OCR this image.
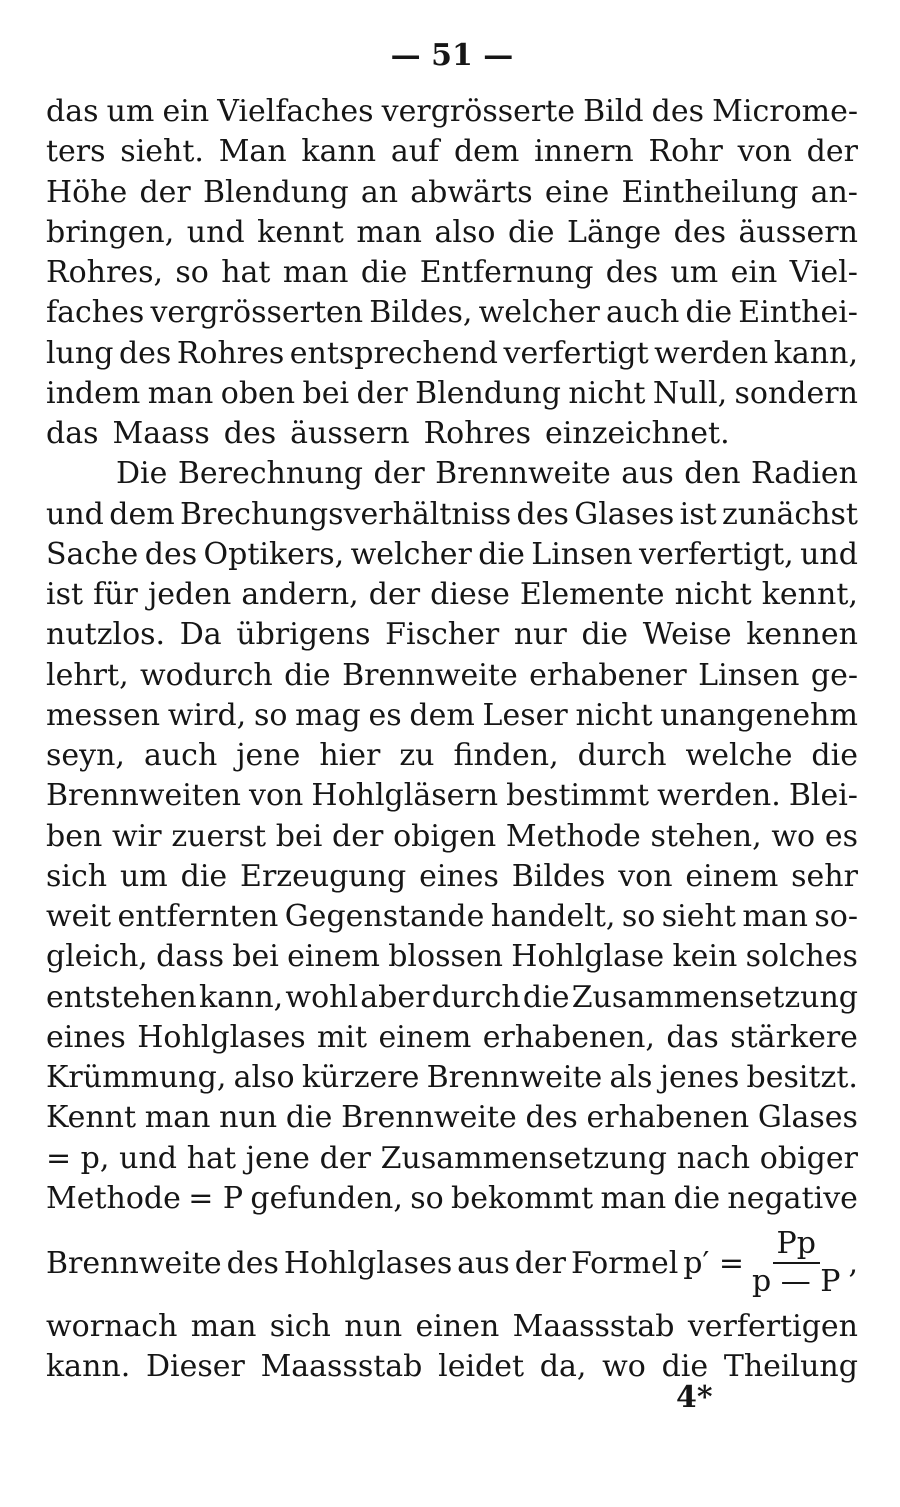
— 51 —
das um ein Vielfaches vergrösserte Bild des Microme-
ters sieht. Man kann auf dem innern Rohr von der
Höhe der Blendung an abwärts eine Eintheilung an-
bringen, und kennt man also die Länge des äussern
Rohres, so hat man die Entfernung des um ein Viel-
faches vergrösserten Bildes, welcher auch die Einthei-
lung des Rohres entsprechend verfertigt werden kann,
indem man oben bei der Blendung nicht Null, sondern
das Maass des äussern Rohres einzeichnet.
Die Berechnung der Brennweite aus den Radien
und dem Brechungsverhältniss des Glases ist zunächst
Sache des Optikers, welcher die Linsen verfertigt, und
ist für jeden andern, der diese Elemente nicht kennt,
nutzlos. Da übrigens Fischer nur die Weise kennen
lehrt, wodurch die Brennweite erhabener Linsen ge-
messen wird, so mag es dem Leser nicht unangenehm
seyn, auch jene hier zu finden, durch welche die
Brennweiten von Hohlgläsern bestimmt werden. Blei-
ben wir zuerst bei der obigen Methode stehen, wo es
sich um die Erzeugung eines Bildes von einem sehr
weit entfernten Gegenstande handelt, so sieht man so-
gleich, dass bei einem blossen Hohlglase kein solches
entstehen kann, wohl aber durch die Zusammensetzung
eines Hohlglases mit einem erhabenen, das stärkere
Krümmung, also kürzere Brennweite als jenes besitzt.
Kennt man nun die Brennweite des erhabenen Glases
= p, und hat jene der Zusammensetzung nach obiger
Methode = P gefunden, so bekommt man die negative
Brennweite des Hohlglases aus der Formel $p' = \frac{Pp}{p — P}$ ,
wornach man sich nun einen Maassstab verfertigen
kann. Dieser Maassstab leidet da, wo die Theilung
4*
